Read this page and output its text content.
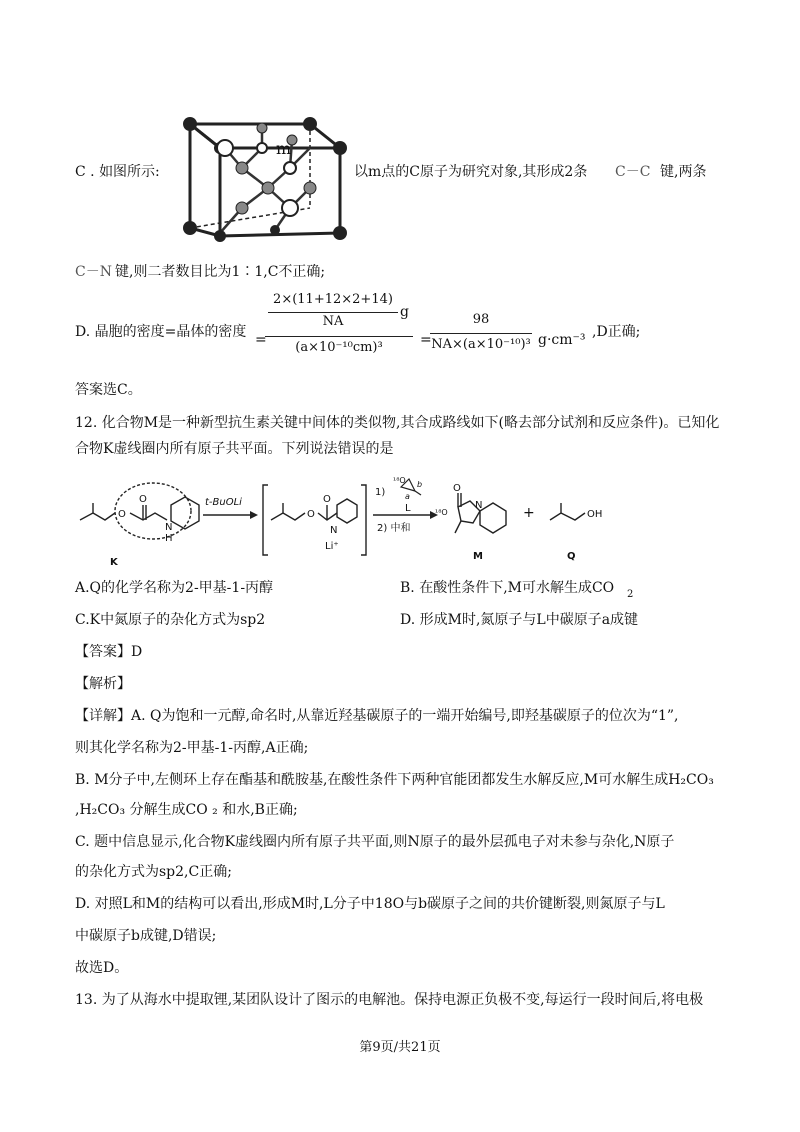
C . 如图所示:
m
以m点的C原子为研究对象,其形成2条 C－C 键,两条
C－N 键,则二者数目比为1∶1,C不正确;
D. 晶胞的密度=晶体的密度 =
2×(11+12×2+14)
NA
g
(a×10⁻¹⁰cm)³	=
98
NA×(a×10⁻¹⁰)³ g·cm⁻³ ,D正确;
答案选C。
12. 化合物M是一种新型抗生素关键中间体的类似物,其合成路线如下(略去部分试剂和反应条件)。已知化
合物K虚线圈内所有原子共平面。下列说法错误的是
O
O
N
H
K
t-BuOLi
O
O
N
Li⁺
1)
¹⁸O
a
b
L
2) 中和
O
¹⁸O
N
M
+	OH
Q
A.Q的化学名称为2-甲基-1-丙醇	B. 在酸性条件下,M可水解生成CO 2
C.K中氮原子的杂化方式为sp2	D. 形成M时,氮原子与L中碳原子a成键
【答案】D
【解析】
【详解】A. Q为饱和一元醇,命名时,从靠近羟基碳原子的一端开始编号,即羟基碳原子的位次为“1”,
则其化学名称为2-甲基-1-丙醇,A正确;
B. M分子中,左侧环上存在酯基和酰胺基,在酸性条件下两种官能团都发生水解反应,M可水解生成H₂CO₃
,H₂CO₃ 分解生成CO ₂ 和水,B正确;
C. 题中信息显示,化合物K虚线圈内所有原子共平面,则N原子的最外层孤电子对未参与杂化,N原子
的杂化方式为sp2,C正确;
D. 对照L和M的结构可以看出,形成M时,L分子中18O与b碳原子之间的共价键断裂,则氮原子与L
中碳原子b成键,D错误;
故选D。
13. 为了从海水中提取锂,某团队设计了图示的电解池。保持电源正负极不变,每运行一段时间后,将电极
第9页/共21页
